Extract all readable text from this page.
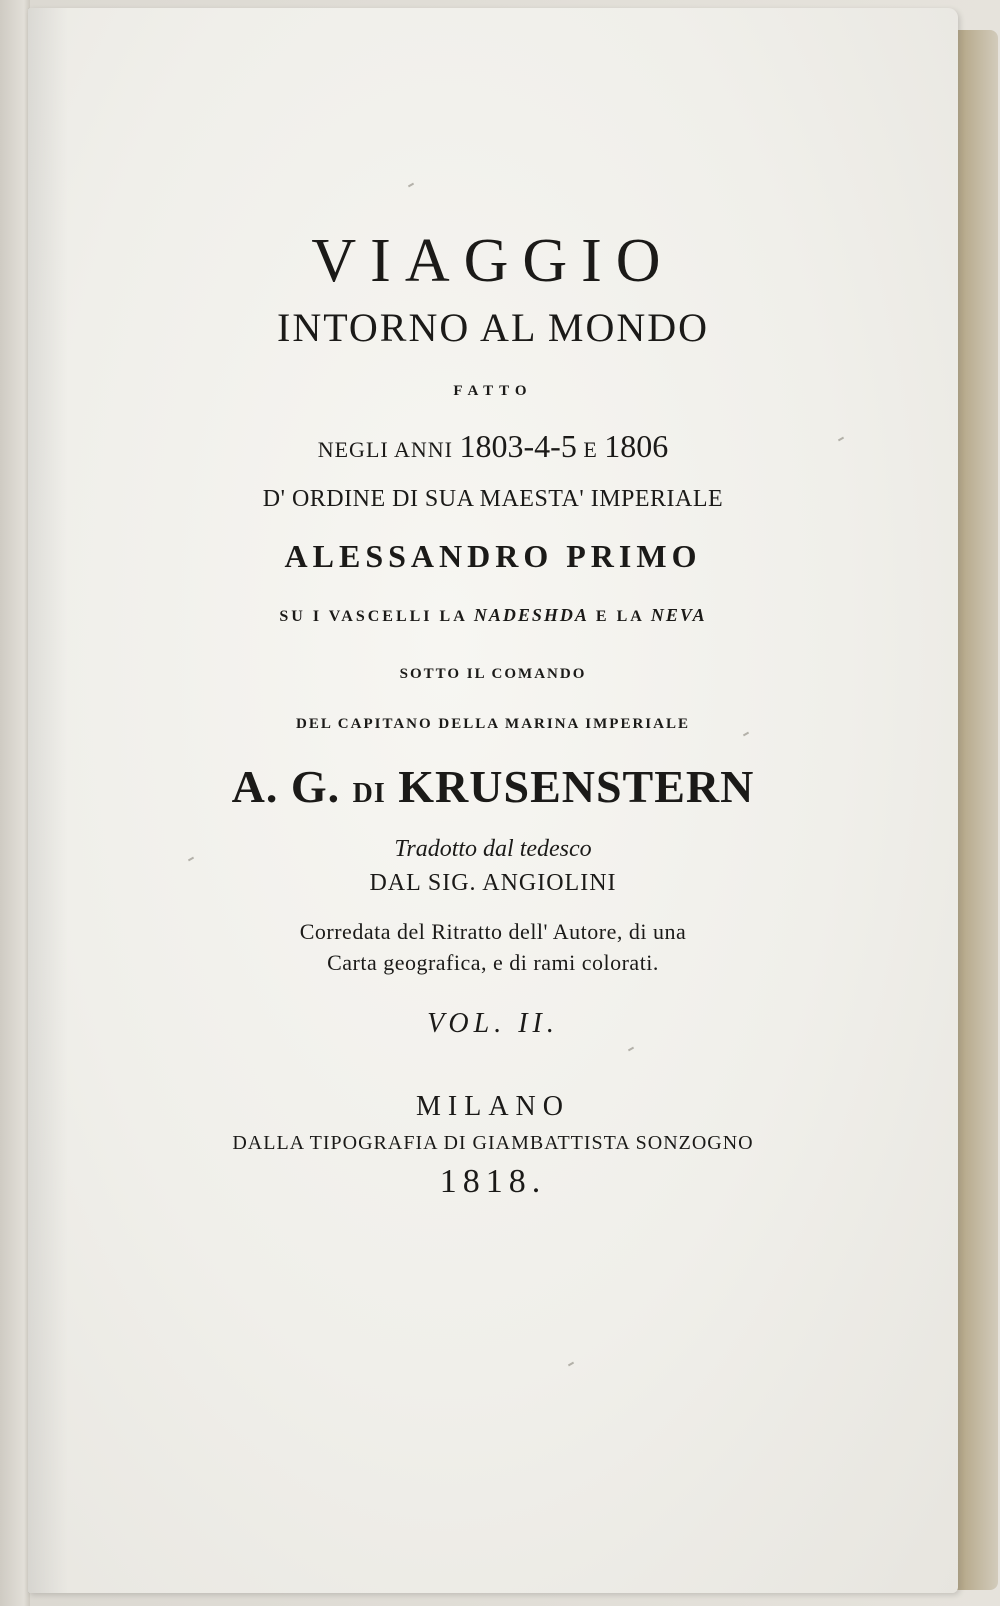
VIAGGIO
INTORNO AL MONDO
FATTO
NEGLI ANNI 1803-4-5 E 1806
D' ORDINE DI SUA MAESTA' IMPERIALE
ALESSANDRO PRIMO
SU I VASCELLI LA NADESHDA E LA NEVA
SOTTO IL COMANDO
DEL CAPITANO DELLA MARINA IMPERIALE
A. G. DI KRUSENSTERN
Tradotto dal tedesco
DAL SIG. ANGIOLINI
Corredata del Ritratto dell' Autore, di una
Carta geografica, e di rami colorati.
VOL. II.
MILANO
DALLA TIPOGRAFIA DI GIAMBATTISTA SONZOGNO
1818.
